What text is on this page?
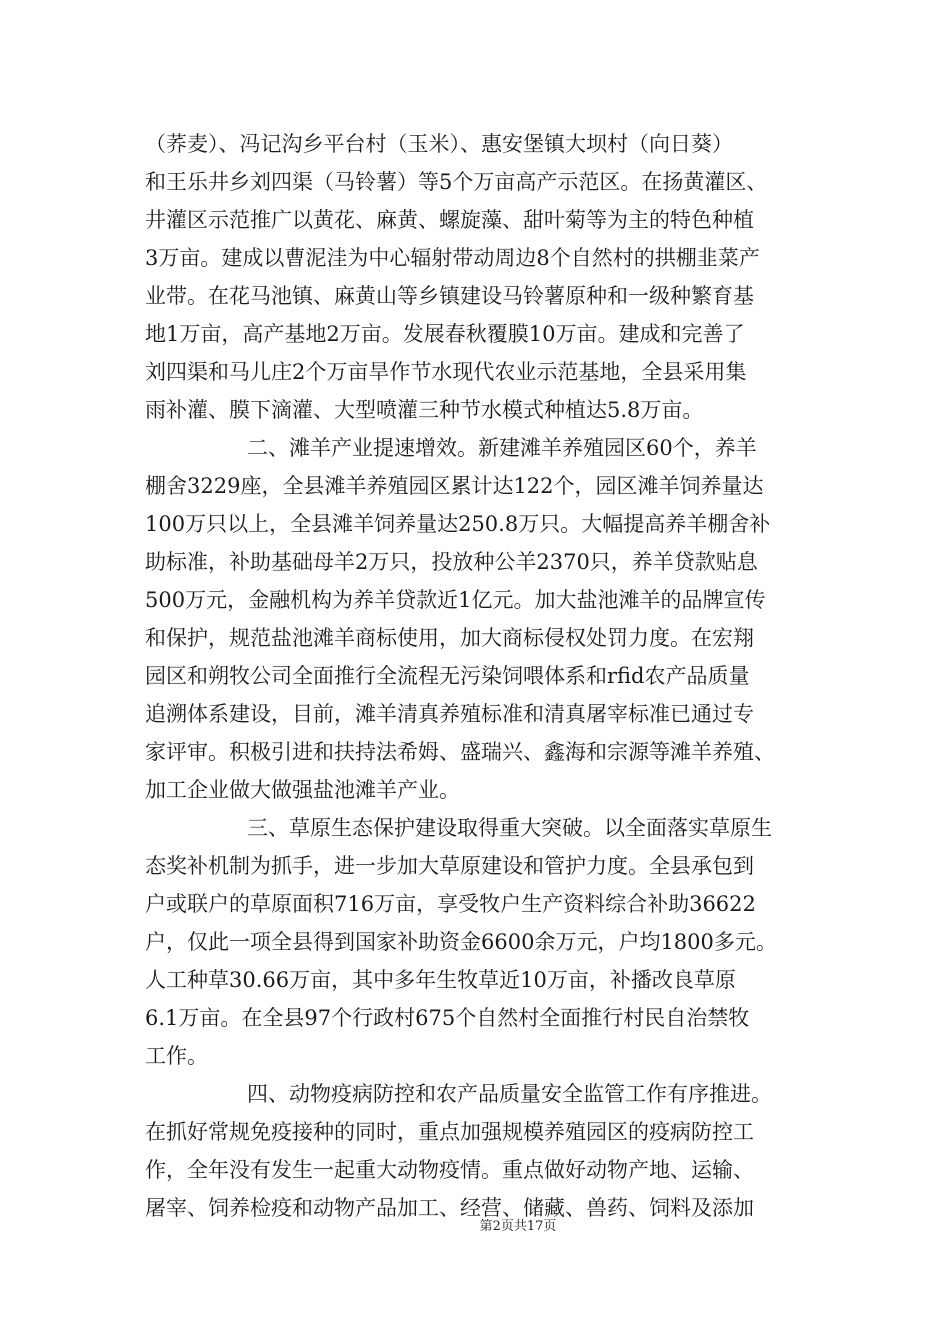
（荞麦）、冯记沟乡平台村（玉米）、惠安堡镇大坝村（向日葵）
和王乐井乡刘四渠（马铃薯）等5个万亩高产示范区。在扬黄灌区、
井灌区示范推广以黄花、麻黄、螺旋藻、甜叶菊等为主的特色种植
3万亩。建成以曹泥洼为中心辐射带动周边8个自然村的拱棚韭菜产
业带。在花马池镇、麻黄山等乡镇建设马铃薯原种和一级种繁育基
地1万亩，高产基地2万亩。发展春秋覆膜10万亩。建成和完善了
刘四渠和马儿庄2个万亩旱作节水现代农业示范基地，全县采用集
雨补灌、膜下滴灌、大型喷灌三种节水模式种植达5.8万亩。
二、滩羊产业提速增效。新建滩羊养殖园区60个，养羊
棚舍3229座，全县滩羊养殖园区累计达122个，园区滩羊饲养量达
100万只以上，全县滩羊饲养量达250.8万只。大幅提高养羊棚舍补
助标准，补助基础母羊2万只，投放种公羊2370只，养羊贷款贴息
500万元，金融机构为养羊贷款近1亿元。加大盐池滩羊的品牌宣传
和保护，规范盐池滩羊商标使用，加大商标侵权处罚力度。在宏翔
园区和朔牧公司全面推行全流程无污染饲喂体系和rfid农产品质量
追溯体系建设，目前，滩羊清真养殖标准和清真屠宰标准已通过专
家评审。积极引进和扶持法希姆、盛瑞兴、鑫海和宗源等滩羊养殖、
加工企业做大做强盐池滩羊产业。
三、草原生态保护建设取得重大突破。以全面落实草原生
态奖补机制为抓手，进一步加大草原建设和管护力度。全县承包到
户或联户的草原面积716万亩，享受牧户生产资料综合补助36622
户，仅此一项全县得到国家补助资金6600余万元，户均1800多元。
人工种草30.66万亩，其中多年生牧草近10万亩，补播改良草原
6.1万亩。在全县97个行政村675个自然村全面推行村民自治禁牧
工作。
四、动物疫病防控和农产品质量安全监管工作有序推进。
在抓好常规免疫接种的同时，重点加强规模养殖园区的疫病防控工
作，全年没有发生一起重大动物疫情。重点做好动物产地、运输、
屠宰、饲养检疫和动物产品加工、经营、储藏、兽药、饲料及添加
第2页共17页
